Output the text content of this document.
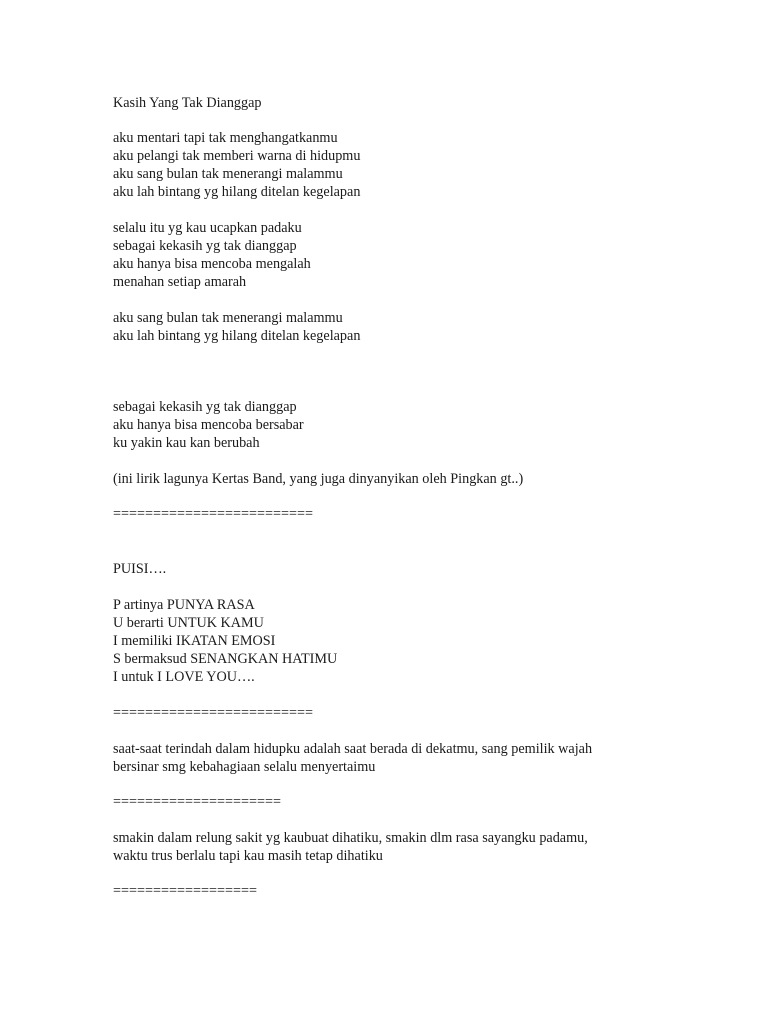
Kasih Yang Tak Dianggap
aku mentari tapi tak menghangatkanmu
aku pelangi tak memberi warna di hidupmu
aku sang bulan tak menerangi malammu
aku lah bintang yg hilang ditelan kegelapan
selalu itu yg kau ucapkan padaku
sebagai kekasih yg tak dianggap
aku hanya bisa mencoba mengalah
menahan setiap amarah
aku sang bulan tak menerangi malammu
aku lah bintang yg hilang ditelan kegelapan
sebagai kekasih yg tak dianggap
aku hanya bisa mencoba bersabar
ku yakin kau kan berubah
(ini lirik lagunya Kertas Band, yang juga dinyanyikan oleh Pingkan gt..)
=========================
PUISI….
P artinya PUNYA RASA
U berarti UNTUK KAMU
I memiliki IKATAN EMOSI
S bermaksud SENANGKAN HATIMU
I untuk I LOVE YOU….
=========================
saat-saat terindah dalam hidupku adalah saat berada di dekatmu, sang pemilik wajah
bersinar smg kebahagiaan selalu menyertaimu
=====================
smakin dalam relung sakit yg kaubuat dihatiku, smakin dlm rasa sayangku padamu,
waktu trus berlalu tapi kau masih tetap dihatiku
==================
